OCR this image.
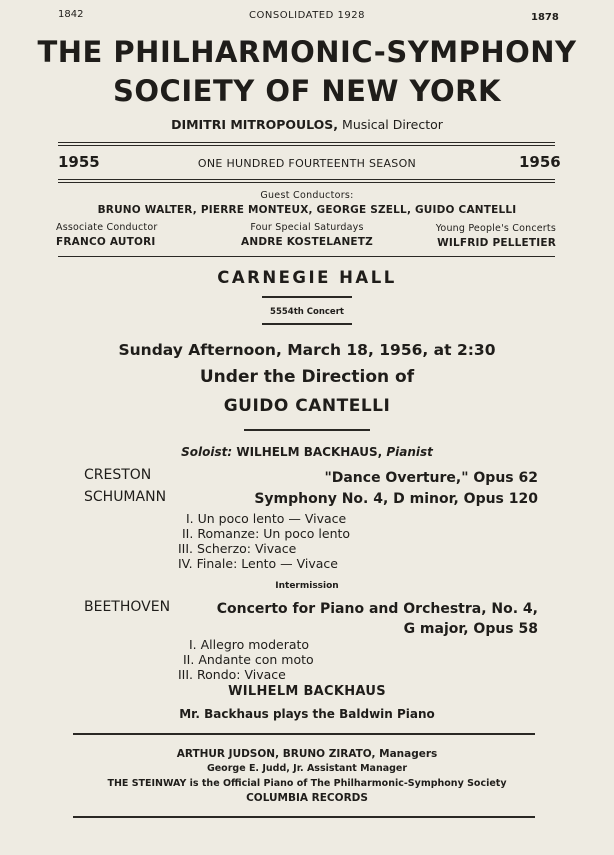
1842	CONSOLIDATED 1928	1878
THE PHILHARMONIC-SYMPHONY
SOCIETY OF NEW YORK
DIMITRI MITROPOULOS, Musical Director
1955	ONE HUNDRED FOURTEENTH SEASON	1956
Guest Conductors:
BRUNO WALTER, PIERRE MONTEUX, GEORGE SZELL, GUIDO CANTELLI
Associate Conductor
FRANCO AUTORI
Four Special Saturdays
ANDRE KOSTELANETZ
Young People's Concerts
WILFRID PELLETIER
CARNEGIE HALL
5554th Concert
Sunday Afternoon, March 18, 1956, at 2:30
Under the Direction of
GUIDO CANTELLI
Soloist: WILHELM BACKHAUS, Pianist
CRESTON	"Dance Overture," Opus 62
SCHUMANN	Symphony No. 4, D minor, Opus 120
I. Un poco lento — Vivace
II. Romanze: Un poco lento
III. Scherzo: Vivace
IV. Finale: Lento — Vivace
Intermission
BEETHOVEN	Concerto for Piano and Orchestra, No. 4,
G major, Opus 58
I. Allegro moderato
II. Andante con moto
III. Rondo: Vivace
WILHELM BACKHAUS
Mr. Backhaus plays the Baldwin Piano
ARTHUR JUDSON, BRUNO ZIRATO, Managers
George E. Judd, Jr. Assistant Manager
THE STEINWAY is the Official Piano of The Philharmonic-Symphony Society
COLUMBIA RECORDS
